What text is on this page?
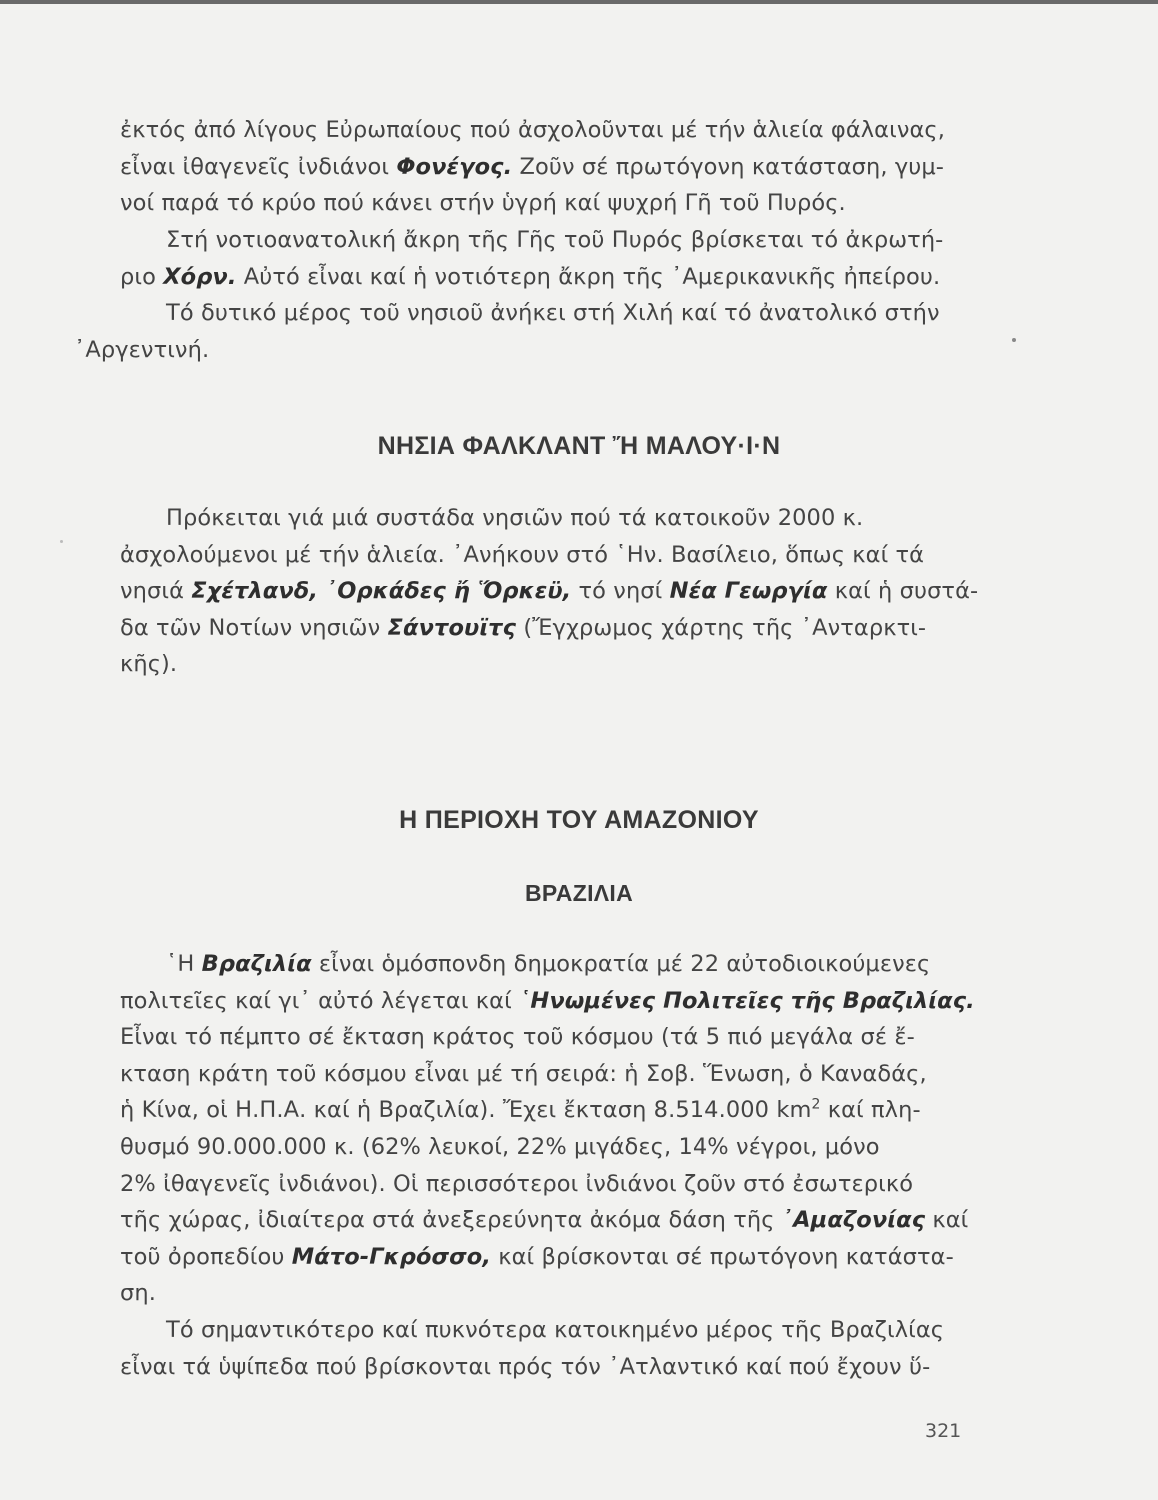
ἐκτός ἀπό λίγους Εὐρωπαίους πού ἀσχολοῦνται μέ τήν ἁλιεία φάλαινας,
εἶναι ἰθαγενεῖς ἰνδιάνοι Φονέγος. Ζοῦν σέ πρωτόγονη κατάσταση, γυμ-
νοί παρά τό κρύο πού κάνει στήν ὑγρή καί ψυχρή Γῆ τοῦ Πυρός.

Στή νοτιοανατολική ἄκρη τῆς Γῆς τοῦ Πυρός βρίσκεται τό ἀκρωτή-
ριο Χόρν. Αὐτό εἶναι καί ἡ νοτιότερη ἄκρη τῆς ᾿Αμερικανικῆς ἠπείρου.

Τό δυτικό μέρος τοῦ νησιοῦ ἀνήκει στή Χιλή καί τό ἀνατολικό στήν
᾿Αργεντινή.

ΝΗΣΙΑ ΦΑΛΚΛΑΝΤ Ἤ ΜΑΛΟΥ·Ι·Ν

Πρόκειται γιά μιά συστάδα νησιῶν πού τά κατοικοῦν 2000 κ.
ἀσχολούμενοι μέ τήν ἁλιεία. ᾿Ανήκουν στό ῾Ην. Βασίλειο, ὅπως καί τά
νησιά Σχέτλανδ, ᾿Ορκάδες ἤ Ὅρκεϋ, τό νησί Νέα Γεωργία καί ἡ συστά-
δα τῶν Νοτίων νησιῶν Σάντουϊτς (Ἔγχρωμος χάρτης τῆς ᾿Ανταρκτι-
κῆς).

Η ΠΕΡΙΟΧΗ ΤΟΥ ΑΜΑΖΟΝΙΟΥ
ΒΡΑΖΙΛΙΑ

῾Η Βραζιλία εἶναι ὁμόσπονδη δημοκρατία μέ 22 αὐτοδιοικούμενες
πολιτεῖες καί γι᾿ αὐτό λέγεται καί ῾Ηνωμένες Πολιτεῖες τῆς Βραζιλίας.
Εἶναι τό πέμπτο σέ ἔκταση κράτος τοῦ κόσμου (τά 5 πιό μεγάλα σέ ἔ-
κταση κράτη τοῦ κόσμου εἶναι μέ τή σειρά: ἡ Σοβ. Ἕνωση, ὁ Καναδάς,
ἡ Κίνα, οἱ Η.Π.Α. καί ἡ Βραζιλία). Ἔχει ἔκταση 8.514.000 $km^2$ καί πλη-
θυσμό 90.000.000 κ. (62% λευκοί, 22% μιγάδες, 14% νέγροι, μόνο
2% ἰθαγενεῖς ἰνδιάνοι). Οἱ περισσότεροι ἰνδιάνοι ζοῦν στό ἐσωτερικό
τῆς χώρας, ἰδιαίτερα στά ἀνεξερεύνητα ἀκόμα δάση τῆς ᾿Αμαζονίας καί
τοῦ ὀροπεδίου Μάτο-Γκρόσσο, καί βρίσκονται σέ πρωτόγονη κατάστα-
ση.

Τό σημαντικότερο καί πυκνότερα κατοικημένο μέρος τῆς Βραζιλίας
εἶναι τά ὑψίπεδα πού βρίσκονται πρός τόν ᾿Ατλαντικό καί πού ἔχουν ὕ-

321
